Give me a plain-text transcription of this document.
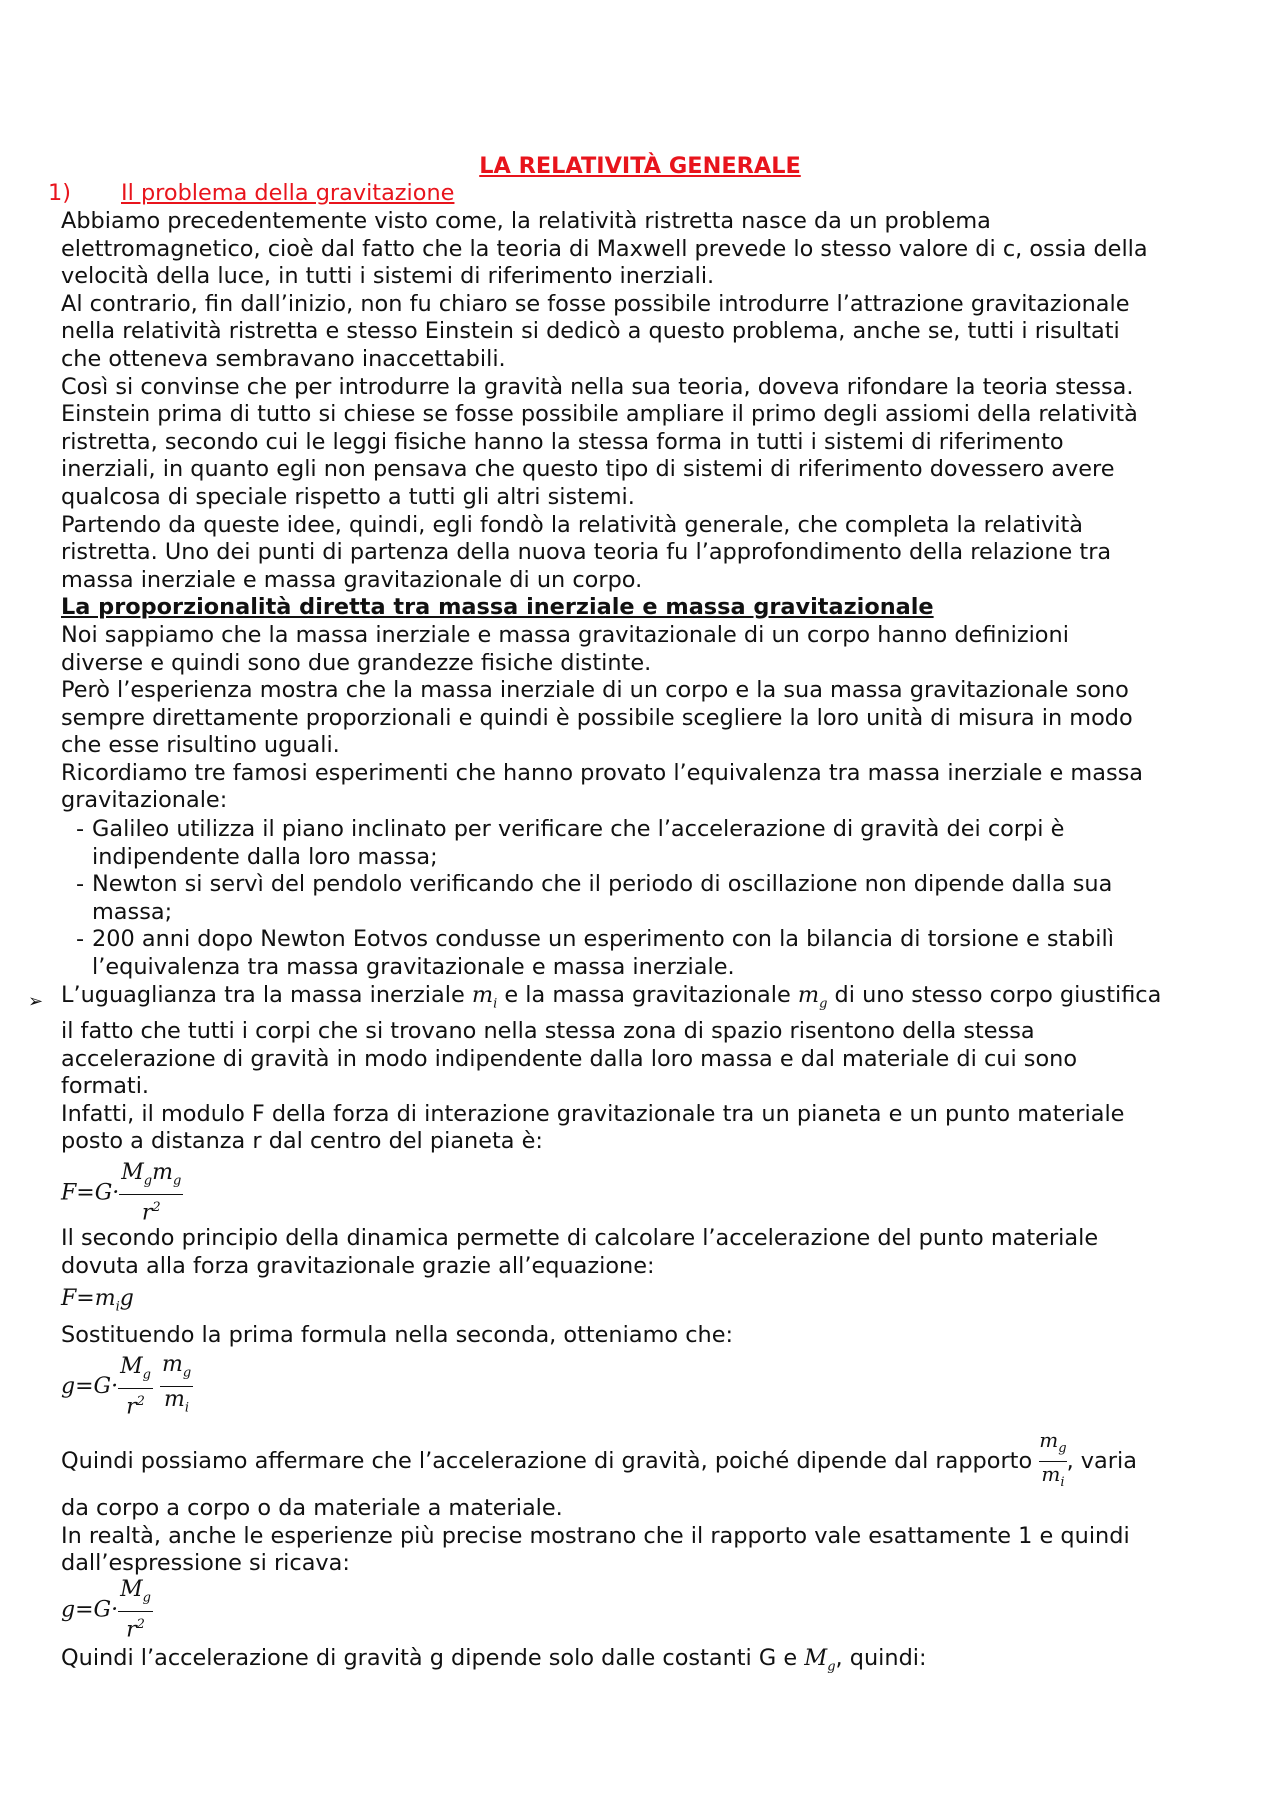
LA RELATIVITÀ GENERALE
1) Il problema della gravitazione

Abbiamo precedentemente visto come, la relatività ristretta nasce da un problema
elettromagnetico, cioè dal fatto che la teoria di Maxwell prevede lo stesso valore di c, ossia della
velocità della luce, in tutti i sistemi di riferimento inerziali.

Al contrario, fin dall’inizio, non fu chiaro se fosse possibile introdurre l’attrazione gravitazionale
nella relatività ristretta e stesso Einstein si dedicò a questo problema, anche se, tutti i risultati
che otteneva sembravano inaccettabili.

Così si convinse che per introdurre la gravità nella sua teoria, doveva rifondare la teoria stessa.

Einstein prima di tutto si chiese se fosse possibile ampliare il primo degli assiomi della relatività
ristretta, secondo cui le leggi fisiche hanno la stessa forma in tutti i sistemi di riferimento
inerziali, in quanto egli non pensava che questo tipo di sistemi di riferimento dovessero avere
qualcosa di speciale rispetto a tutti gli altri sistemi.

Partendo da queste idee, quindi, egli fondò la relatività generale, che completa la relatività
ristretta. Uno dei punti di partenza della nuova teoria fu l’approfondimento della relazione tra
massa inerziale e massa gravitazionale di un corpo.

La proporzionalità diretta tra massa inerziale e massa gravitazionale

Noi sappiamo che la massa inerziale e massa gravitazionale di un corpo hanno definizioni
diverse e quindi sono due grandezze fisiche distinte.

Però l’esperienza mostra che la massa inerziale di un corpo e la sua massa gravitazionale sono
sempre direttamente proporzionali e quindi è possibile scegliere la loro unità di misura in modo
che esse risultino uguali.

Ricordiamo tre famosi esperimenti che hanno provato l’equivalenza tra massa inerziale e massa
gravitazionale:

- Galileo utilizza il piano inclinato per verificare che l’accelerazione di gravità dei corpi è
indipendente dalla loro massa;
- Newton si servì del pendolo verificando che il periodo di oscillazione non dipende dalla sua
massa;
- 200 anni dopo Newton Eotvos condusse un esperimento con la bilancia di torsione e stabilì
l’equivalenza tra massa gravitazionale e massa inerziale.
➢ L’uguaglianza tra la massa inerziale $m_i$ e la massa gravitazionale $m_g$ di uno stesso corpo giustifica
il fatto che tutti i corpi che si trovano nella stessa zona di spazio risentono della stessa
accelerazione di gravità in modo indipendente dalla loro massa e dal materiale di cui sono
formati.

Infatti, il modulo F della forza di interazione gravitazionale tra un pianeta e un punto materiale
posto a distanza r dal centro del pianeta è:

$F=G\cdot \frac{M_gm_g}{r^2}$

Il secondo principio della dinamica permette di calcolare l’accelerazione del punto materiale
dovuta alla forza gravitazionale grazie all’equazione:

$F=m_ig$

Sostituendo la prima formula nella seconda, otteniamo che:

$g=G\cdot \frac{M_g}{r^2}$
$\frac{m_g}{m_i}$

Quindi possiamo affermare che l’accelerazione di gravità, poiché dipende dal rapporto $\frac{m_g}{m_i}$ , varia

da corpo a corpo o da materiale a materiale.

In realtà, anche le esperienze più precise mostrano che il rapporto vale esattamente 1 e quindi
dall’espressione si ricava:

$g=G\cdot \frac{M_g}{r^2}$

Quindi l’accelerazione di gravità g dipende solo dalle costanti G e $M_g$, quindi:
